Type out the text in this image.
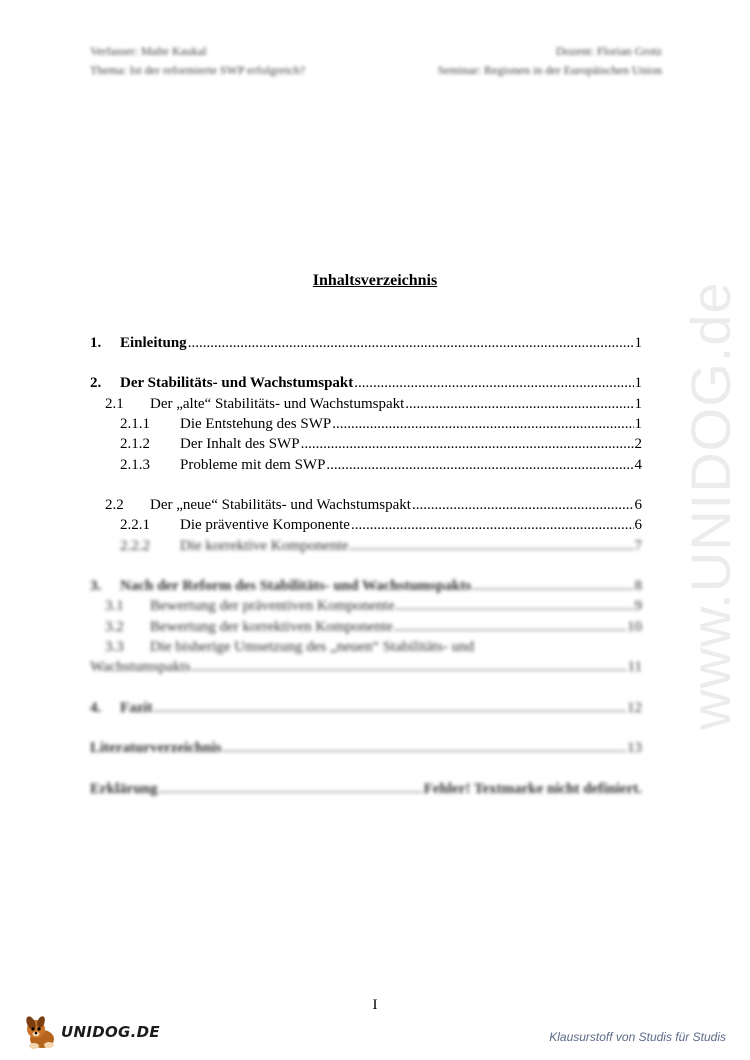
Verfasser: Malte Kaukal	Dozent: Florian Grotz
Thema: Ist der reformierte SWP erfolgreich?	Seminar: Regionen in der Europäischen Union
www.UNIDOG.de
Inhaltsverzeichnis
1.	Einleitung .....	1
2.	Der Stabilitäts- und Wachstumspakt .....	1
2.1	Der „alte“ Stabilitäts- und Wachstumspakt .....	1
2.1.1	Die Entstehung des SWP .....	1
2.1.2	Der Inhalt des SWP .....	2
2.1.3	Probleme mit dem SWP .....	4
2.2	Der „neue“ Stabilitäts- und Wachstumspakt .....	6
2.2.1	Die präventive Komponente .....	6
2.2.2	Die korrektive Komponente .....	7
3.	Nach der Reform des Stabilitäts- und Wachstumspakts .....	8
3.1	Bewertung der präventiven Komponente .....	9
3.2	Bewertung der korrektiven Komponente .....	10
3.3 Die bisherige Umsetzung des „neuen“ Stabilitäts- und
Wachstumspakts .....	11
4.	Fazit .....	12
Literaturverzeichnis .....	13
Erklärung .....	Fehler! Textmarke nicht definiert.
I
UNIDOG.DE	Klausurstoff von Studis für Studis
